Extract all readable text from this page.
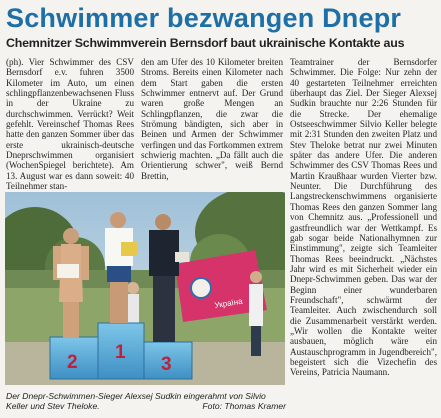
Schwimmer bezwangen Dnepr
Chemnitzer Schwimmverein Bernsdorf baut ukrainische Kontakte aus

(ph). Vier Schwimmer des CSV Bernsdorf e.v. fuhren 3500 Kilometer im Auto, um einen schlingpflanzenbewachsenen Fluss in der Ukraine zu durchschwimmen. Verrückt? Weit gefehlt. Vereinschef Thomas Rees hatte den ganzen Sommer über das erste ukrainisch-deutsche Dneprschwimmen organisiert (WochenSpiegel berichtete). Am 13. August war es dann soweit: 40 Teilnehmer stan-

den am Ufer des 10 Kilometer breiten Stroms. Bereits einen Kilometer nach dem Start gaben die ersten Schwimmer entnervt auf. Der Grund waren große Mengen an Schlingpflanzen, die zwar die Strömung bändigten, sich aber in Beinen und Armen der Schwimmer verfingen und das Fortkommen extrem schwierig machten. „Da fällt auch die Orientierung schwer", weiß Bernd Brettin,

Teamtrainer der Bernsdorfer Schwimmer. Die Folge: Nur zehn der 40 gestarteten Teilnehmer erreichten überhaupt das Ziel. Der Sieger Alexsej Sudkin brauchte nur 2:26 Stunden für die Strecke. Der ehemalige Ostseeschwimmer Silvio Keller belegte mit 2:31 Stunden den zweiten Platz und Stev Theloke betrat nur zwei Minuten später das andere Ufer. Die anderen Schwimmer des CSV Thomas Rees und Martin Kraußhaar wurden Vierter bzw. Neunter. Die Durchführung des Langstreckenschwimmens organisierte Thomas Rees den ganzen Sommer lang von Chemnitz aus. „Professionell und gastfreundlich war der Wettkampf. Es gab sogar beide Nationalhymnen zur Einstimmung", zeigte sich Teamleiter Thomas Rees beeindruckt. „Nächstes Jahr wird es mit Sicherheit wieder ein Dnepr-Schwimmen geben. Das war der Beginn einer wunderbaren Freundschaft", schwärmt der Teamleiter. Auch zwischendurch soll die Zusammenarbeit verstärkt werden. „Wir wollen die Kontakte weiter ausbauen, möglich wäre ein Austauschprogramm in Jugendbereich", begeistert sich die Vizechefin des Vereins, Patricia Naumann.

Україна
2 1
3
Der Dnepr-Schwimmen-Sieger Alexsej Sudkin eingerahmt von Silvio Keller und Stev Theloke.	Foto: Thomas Kramer
